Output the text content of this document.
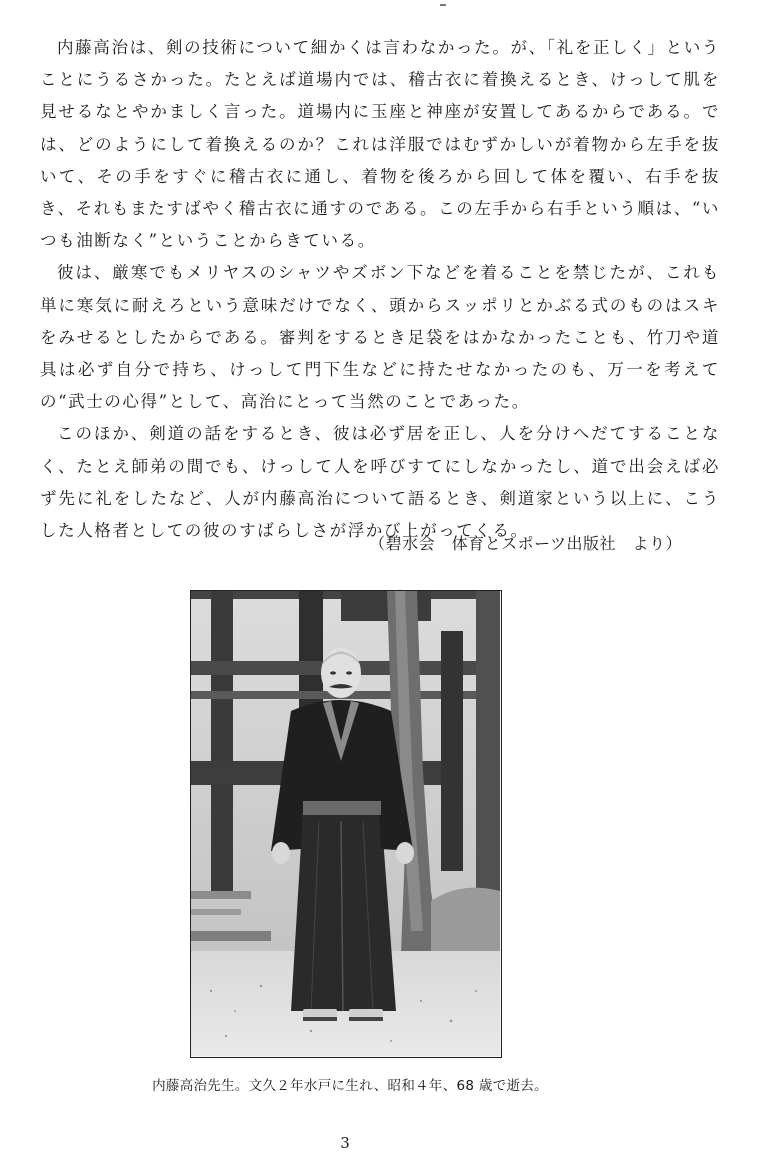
内藤高治は、剣の技術について細かくは言わなかった。が、「礼を正しく」ということにうるさかった。たとえば道場内では、稽古衣に着換えるとき、けっして肌を見せるなとやかましく言った。道場内に玉座と神座が安置してあるからである。では、どのようにして着換えるのか？これは洋服ではむずかしいが着物から左手を抜いて、その手をすぐに稽古衣に通し、着物を後ろから回して体を覆い、右手を抜き、それもまたすばやく稽古衣に通すのである。この左手から右手という順は、“いつも油断なく”ということからきている。

彼は、厳寒でもメリヤスのシャツやズボン下などを着ることを禁じたが、これも単に寒気に耐えろという意味だけでなく、頭からスッポリとかぶる式のものはスキをみせるとしたからである。審判をするとき足袋をはかなかったことも、竹刀や道具は必ず自分で持ち、けっして門下生などに持たせなかったのも、万一を考えての“武士の心得”として、高治にとって当然のことであった。

このほか、剣道の話をするとき、彼は必ず居を正し、人を分けへだてすることなく、たとえ師弟の間でも、けっして人を呼びすてにしなかったし、道で出会えば必ず先に礼をしたなど、人が内藤高治について語るとき、剣道家という以上に、こうした人格者としての彼のすばらしさが浮かび上がってくる。

（碧水会　体育とスポーツ出版社　より）
内藤高治先生。文久２年水戸に生れ、昭和４年、68 歳で逝去。
3
